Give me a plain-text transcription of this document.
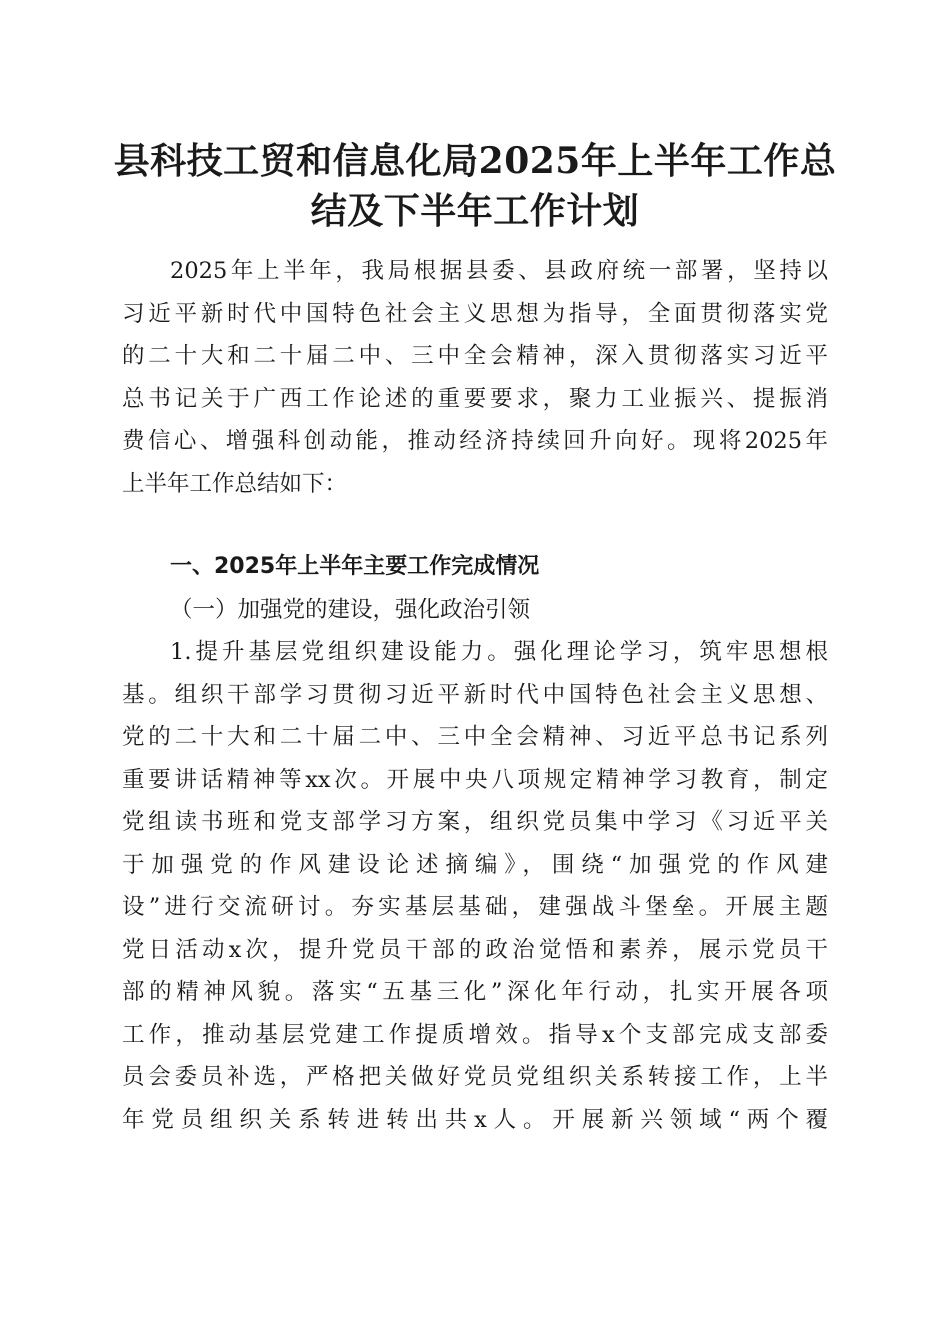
县科技工贸和信息化局2025年上半年工作总
结及下半年工作计划
2025年上半年，我局根据县委、县政府统一部署，坚持以
习近平新时代中国特色社会主义思想为指导，全面贯彻落实党
的二十大和二十届二中、三中全会精神，深入贯彻落实习近平
总书记关于广西工作论述的重要要求，聚力工业振兴、提振消
费信心、增强科创动能，推动经济持续回升向好。现将2025年
上半年工作总结如下：
一、2025年上半年主要工作完成情况
（一）加强党的建设，强化政治引领
1.提升基层党组织建设能力。强化理论学习，筑牢思想根
基。组织干部学习贯彻习近平新时代中国特色社会主义思想、
党的二十大和二十届二中、三中全会精神、习近平总书记系列
重要讲话精神等xx次。开展中央八项规定精神学习教育，制定
党组读书班和党支部学习方案，组织党员集中学习《习近平关
于加强党的作风建设论述摘编》，围绕“加强党的作风建
设”进行交流研讨。夯实基层基础，建强战斗堡垒。开展主题
党日活动x次，提升党员干部的政治觉悟和素养，展示党员干
部的精神风貌。落实“五基三化”深化年行动，扎实开展各项
工作，推动基层党建工作提质增效。指导x个支部完成支部委
员会委员补选，严格把关做好党员党组织关系转接工作，上半
年党员组织关系转进转出共x人。开展新兴领域“两个覆
